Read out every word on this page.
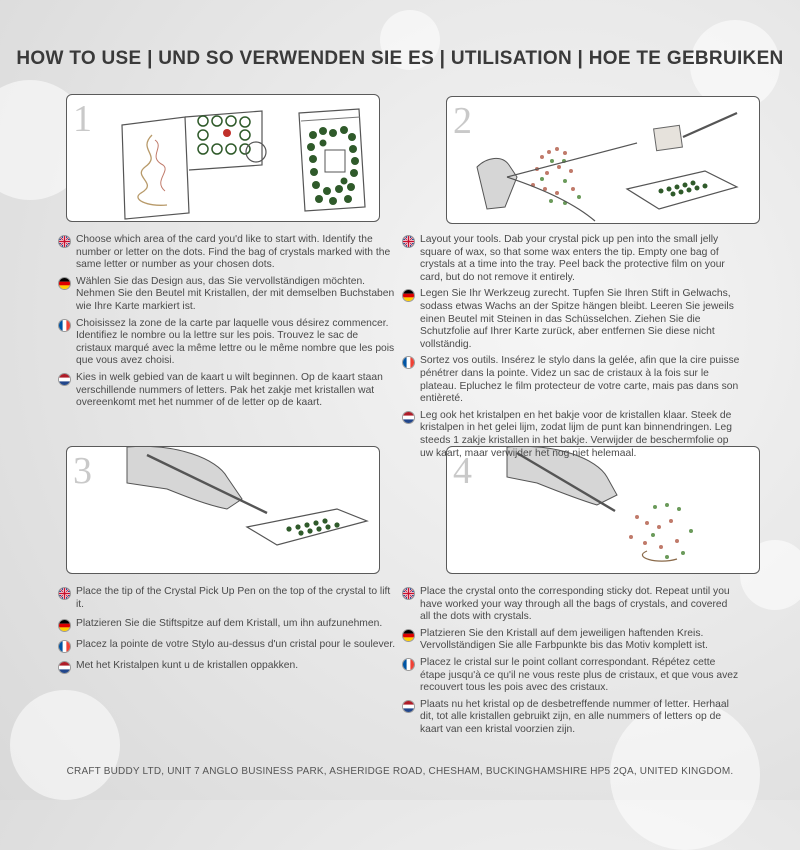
HOW TO USE | UND SO VERWENDEN SIE ES | UTILISATION | HOE TE GEBRUIKEN
1	2
3	4
Choose which area of the card you'd like to start with. Identify the number or letter on the dots. Find the bag of crystals marked with the same letter or number as your chosen dots.
Wählen Sie das Design aus, das Sie vervollständigen möchten. Nehmen Sie den Beutel mit Kristallen, der mit demselben Buchstaben wie Ihre Karte markiert ist.
Choisissez la zone de la carte par laquelle vous désirez commencer. Identifiez le nombre ou la lettre sur les pois. Trouvez le sac de cristaux marqué avec la même lettre ou le même nombre que les pois que vous avez choisi.
Kies in welk gebied van de kaart u wilt beginnen. Op de kaart staan verschillende nummers of letters. Pak het zakje met kristallen wat overeenkomt met het nummer of de letter op de kaart.
Layout your tools. Dab your crystal pick up pen into the small jelly square of wax, so that some wax enters the tip. Empty one bag of crystals at a time into the tray. Peel back the protective film on your card, but do not remove it entirely.
Legen Sie Ihr Werkzeug zurecht. Tupfen Sie Ihren Stift in Gelwachs, sodass etwas Wachs an der Spitze hängen bleibt. Leeren Sie jeweils einen Beutel mit Steinen in das Schüsselchen. Ziehen Sie die Schutzfolie auf Ihrer Karte zurück, aber entfernen Sie diese nicht vollständig.
Sortez vos outils. Insérez le stylo dans la gelée, afin que la cire puisse pénétrer dans la pointe. Videz un sac de cristaux à la fois sur le plateau. Epluchez le film protecteur de votre carte, mais pas dans son entièreté.
Leg ook het kristalpen en het bakje voor de kristallen klaar. Steek de kristalpen in het gelei lijm, zodat lijm de punt kan binnendringen. Leg steeds 1 zakje kristallen in het bakje. Verwijder de beschermfolie op uw kaart, maar verwijder het nog niet helemaal.
Place the tip of the Crystal Pick Up Pen on the top of the crystal to lift it.
Platzieren Sie die Stiftspitze auf dem Kristall, um ihn aufzunehmen.
Placez la pointe de votre Stylo au-dessus d'un cristal pour le soulever.
Met het Kristalpen kunt u de kristallen oppakken.
Place the crystal onto the corresponding sticky dot. Repeat until you have worked your way through all the bags of crystals, and covered all the dots with crystals.
Platzieren Sie den Kristall auf dem jeweiligen haftenden Kreis. Vervollständigen Sie alle Farbpunkte bis das Motiv komplett ist.
Placez le cristal sur le point collant correspondant. Répétez cette étape jusqu'à ce qu'il ne vous reste plus de cristaux, et que vous avez recouvert tous les pois avec des cristaux.
Plaats nu het kristal op de desbetreffende nummer of letter. Herhaal dit, tot alle kristallen gebruikt zijn, en alle nummers of letters op de kaart van een kristal voorzien zijn.
CRAFT BUDDY LTD, UNIT 7 ANGLO BUSINESS PARK, ASHERIDGE ROAD, CHESHAM, BUCKINGHAMSHIRE HP5 2QA, UNITED KINGDOM.
